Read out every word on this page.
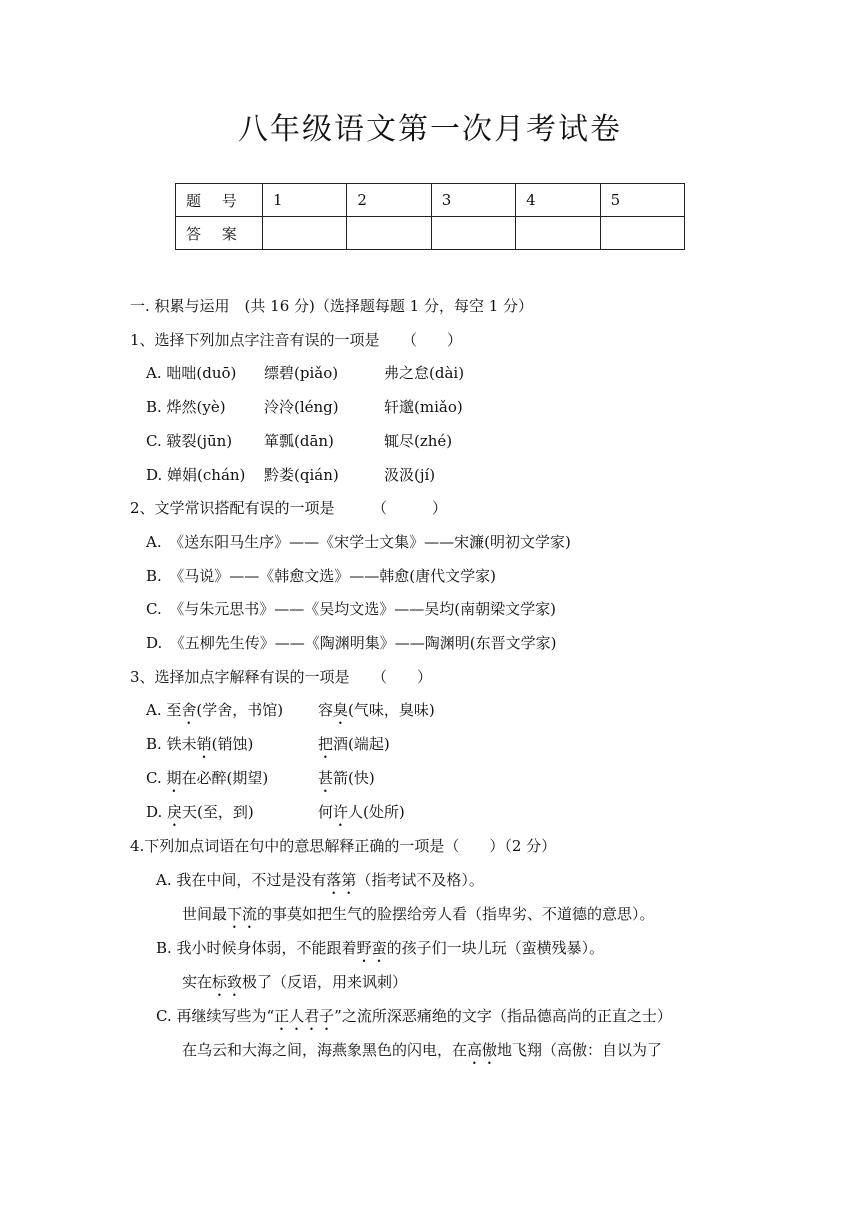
八年级语文第一次月考试卷
题 号	1	2	3	4	5
答 案					
一. 积累与运用　(共 16 分)（选择题每题 1 分，每空 1 分）
1、选择下列加点字注音有误的一项是　　（　　）
A. 咄咄(duō) 缥碧(piǎo)	弗之怠(dài)
B. 烨然(yè)	泠泠(léng)	轩邈(miǎo)
C. 皲裂(jūn) 箪瓢(dān)	辄尽(zhé)
D. 婵娟(chán) 黔娄(qián)	汲汲(jí)
2、文学常识搭配有误的一项是　　　（　　　）
A.　《送东阳马生序》——《宋学士文集》——宋濂(明初文学家)
B.　《马说》——《韩愈文选》——韩愈(唐代文学家)
C.　《与朱元思书》——《吴均文选》——吴均(南朝梁文学家)
D.　《五柳先生传》——《陶渊明集》——陶渊明(东晋文学家)
3、选择加点字解释有误的一项是　　（　　）
A. 至舍(学舍，书馆) 容臭(气味，臭味)
B. 铁未销(销蚀)	把酒(端起)
C. 期在必醉(期望)	甚箭(快)
D. 戾天(至，到)	何许人(处所)
4.下列加点词语在句中的意思解释正确的一项是（　　）（2 分）
A. 我在中间，不过是没有落第（指考试不及格）。
世间最下流的事莫如把生气的脸摆给旁人看（指卑劣、不道德的意思）。
B. 我小时候身体弱，不能跟着野蛮的孩子们一块儿玩（蛮横残暴）。
实在标致极了（反语，用来讽刺）
C. 再继续写些为“正人君子”之流所深恶痛绝的文字（指品德高尚的正直之士）
在乌云和大海之间，海燕象黑色的闪电，在高傲地飞翔（高傲：自以为了
